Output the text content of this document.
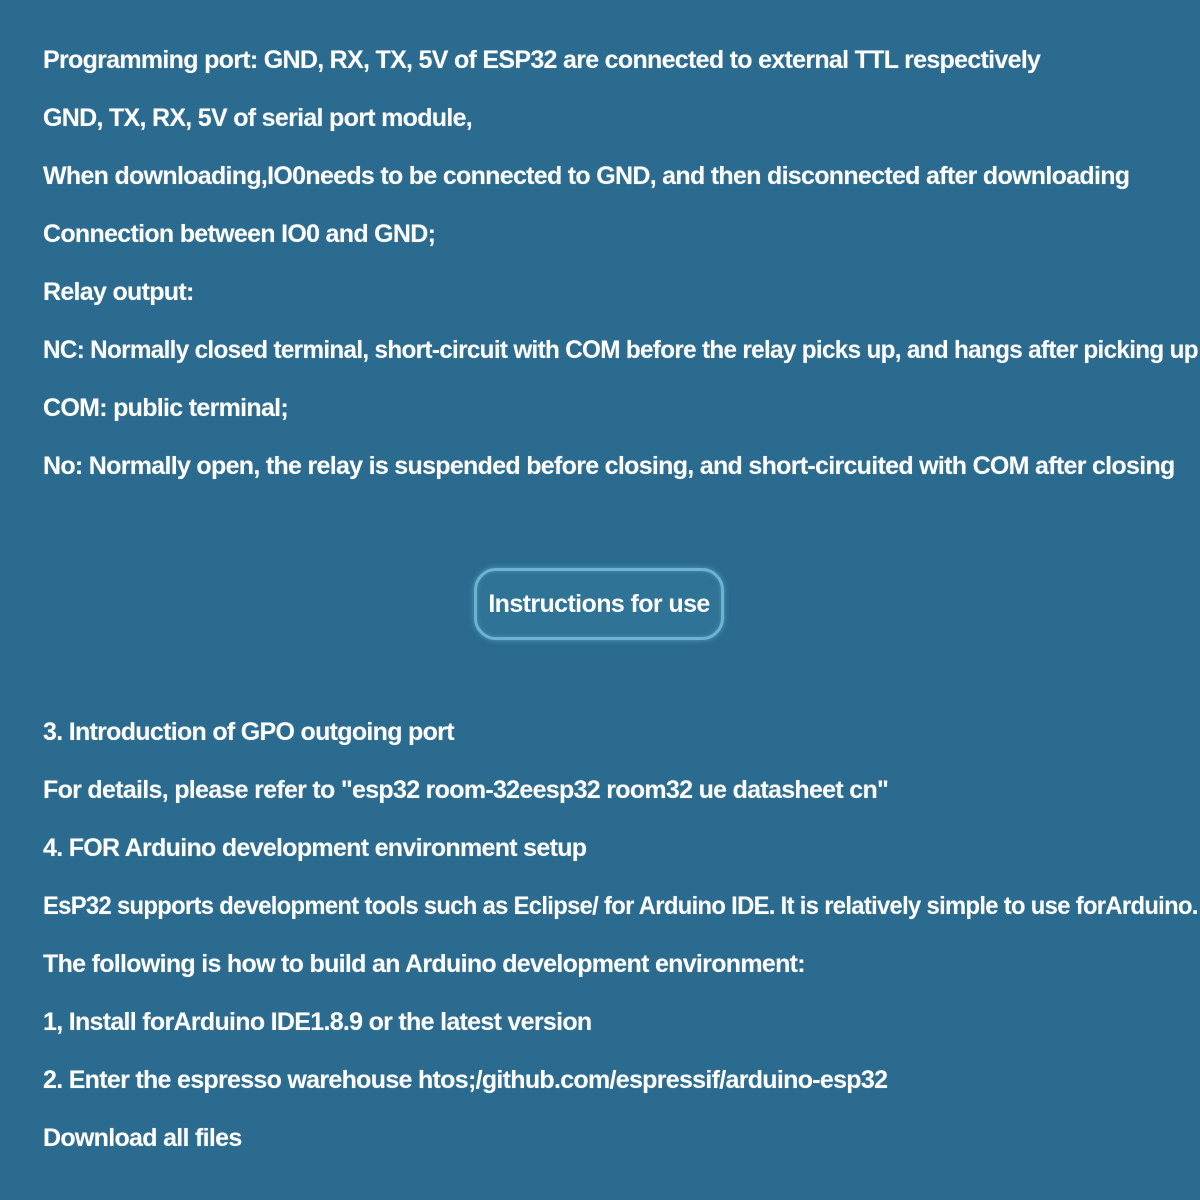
Programming port: GND, RX, TX, 5V of ESP32 are connected to external TTL respectively
GND, TX, RX, 5V of serial port module,
When downloading,IO0needs to be connected to GND, and then disconnected after downloading
Connection between IO0 and GND;
Relay output:
NC: Normally closed terminal, short-circuit with COM before the relay picks up, and hangs after picking up
COM: public terminal;
No: Normally open, the relay is suspended before closing, and short-circuited with COM after closing
Instructions for use
3. Introduction of GPO outgoing port
For details, please refer to "esp32 room-32eesp32 room32 ue datasheet cn"
4. FOR Arduino development environment setup
EsP32 supports development tools such as Eclipse/ for Arduino IDE. It is relatively simple to use forArduino.
The following is how to build an Arduino development environment:
1, Install forArduino IDE1.8.9 or the latest version
2. Enter the espresso warehouse htos;/github.com/espressif/arduino-esp32
Download all files
